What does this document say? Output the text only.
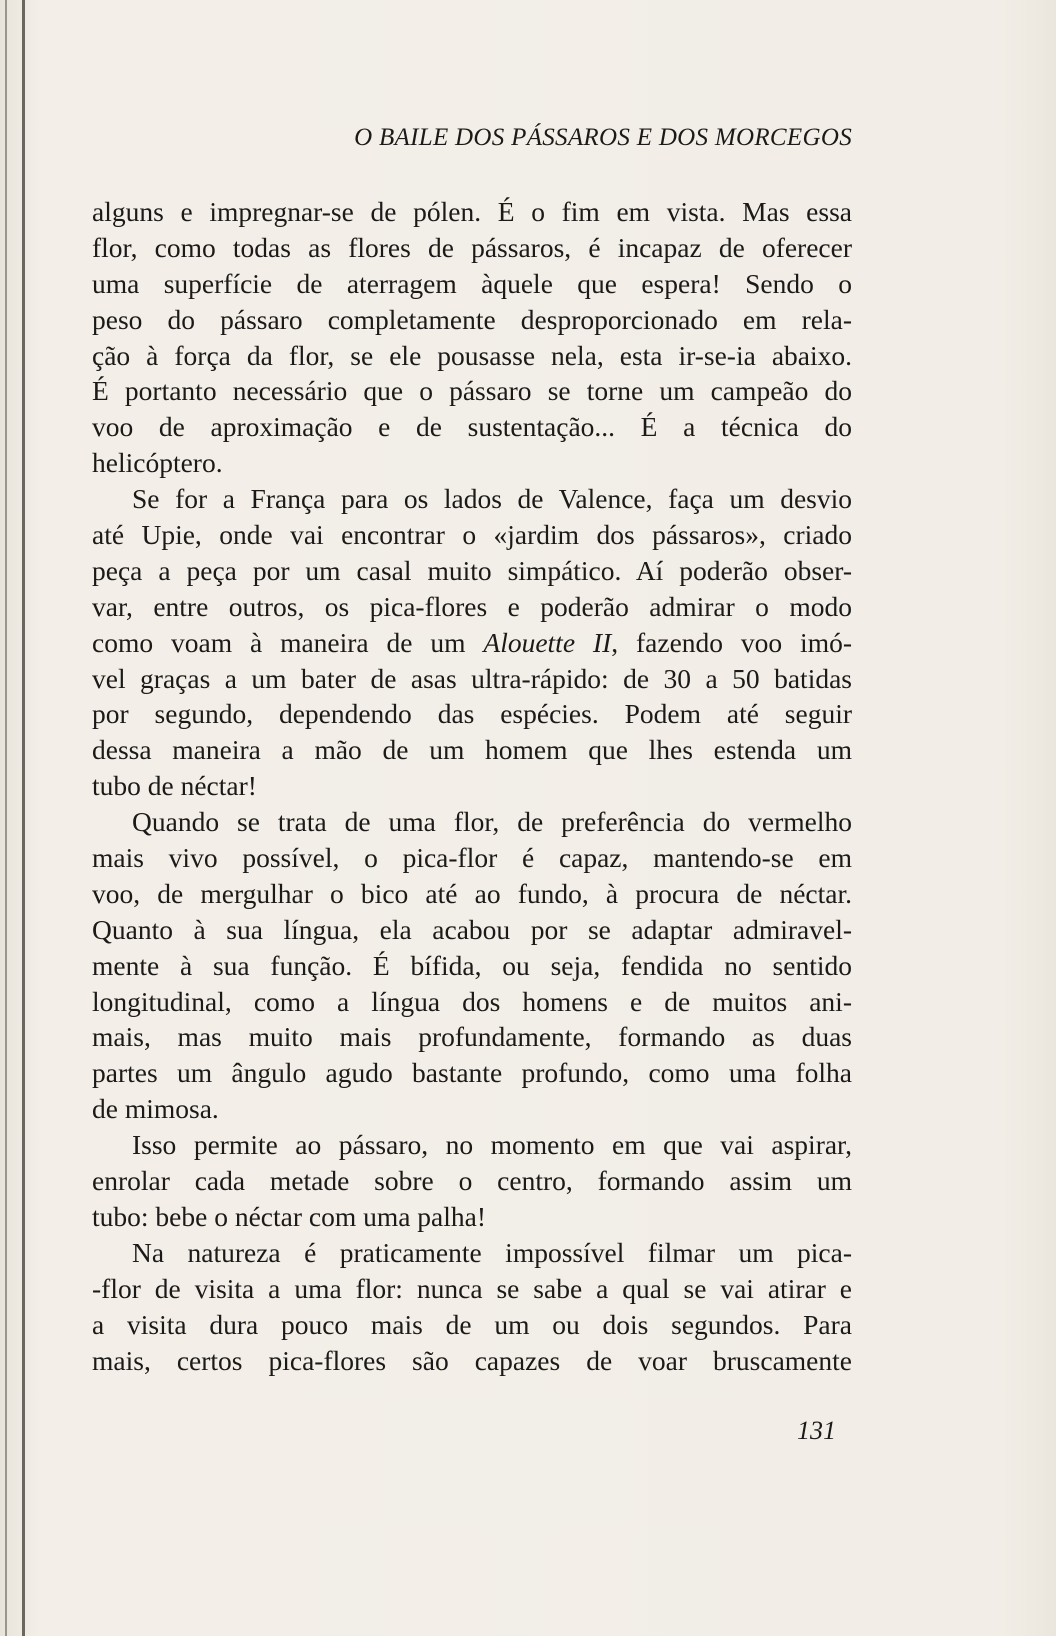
O BAILE DOS PÁSSAROS E DOS MORCEGOS
alguns e impregnar-se de pólen. É o fim em vista. Mas essa
flor, como todas as flores de pássaros, é incapaz de oferecer
uma superfície de aterragem àquele que espera! Sendo o
peso do pássaro completamente desproporcionado em rela-
ção à força da flor, se ele pousasse nela, esta ir-se-ia abaixo.
É portanto necessário que o pássaro se torne um campeão do
voo de aproximação e de sustentação... É a técnica do
helicóptero.
Se for a França para os lados de Valence, faça um desvio
até Upie, onde vai encontrar o «jardim dos pássaros», criado
peça a peça por um casal muito simpático. Aí poderão obser-
var, entre outros, os pica-flores e poderão admirar o modo
como voam à maneira de um Alouette II, fazendo voo imó-
vel graças a um bater de asas ultra-rápido: de 30 a 50 batidas
por segundo, dependendo das espécies. Podem até seguir
dessa maneira a mão de um homem que lhes estenda um
tubo de néctar!
Quando se trata de uma flor, de preferência do vermelho
mais vivo possível, o pica-flor é capaz, mantendo-se em
voo, de mergulhar o bico até ao fundo, à procura de néctar.
Quanto à sua língua, ela acabou por se adaptar admiravel-
mente à sua função. É bífida, ou seja, fendida no sentido
longitudinal, como a língua dos homens e de muitos ani-
mais, mas muito mais profundamente, formando as duas
partes um ângulo agudo bastante profundo, como uma folha
de mimosa.
Isso permite ao pássaro, no momento em que vai aspirar,
enrolar cada metade sobre o centro, formando assim um
tubo: bebe o néctar com uma palha!
Na natureza é praticamente impossível filmar um pica-
-flor de visita a uma flor: nunca se sabe a qual se vai atirar e
a visita dura pouco mais de um ou dois segundos. Para
mais, certos pica-flores são capazes de voar bruscamente
131
